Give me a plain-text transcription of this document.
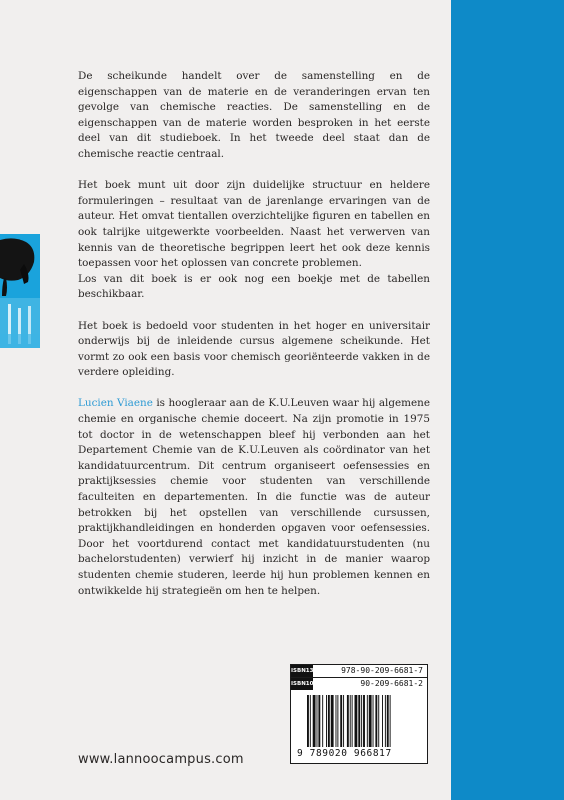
De scheikunde handelt over de samenstelling en de eigenschappen van de materie en de veranderingen ervan ten gevolge van chemische reacties. De samenstelling en de eigenschappen van de materie worden besproken in het eerste deel van dit studieboek. In het tweede deel staat dan de chemische reactie centraal.

Het boek munt uit door zijn duidelijke structuur en heldere formuleringen – resultaat van de jarenlange ervaringen van de auteur. Het omvat tientallen overzichtelijke figuren en tabellen en ook talrijke uitgewerkte voorbeelden. Naast het verwerven van kennis van de theoretische begrippen leert het ook deze kennis toepassen voor het oplossen van concrete problemen.

Los van dit boek is er ook nog een boekje met de tabellen beschikbaar.

Het boek is bedoeld voor studenten in het hoger en universitair onderwijs bij de inleidende cursus algemene scheikunde. Het vormt zo ook een basis voor chemisch georiënteerde vakken in de verdere opleiding.

Lucien Viaene is hoogleraar aan de K.U.Leuven waar hij algemene chemie en organische chemie doceert. Na zijn promotie in 1975 tot doctor in de wetenschappen bleef hij verbonden aan het Departement Chemie van de K.U.Leuven als coördinator van het kandidatuurcentrum. Dit centrum organiseert oefensessies en praktijksessies chemie voor studenten van verschillende faculteiten en departementen. In die functie was de auteur betrokken bij het opstellen van verschillende cursussen, praktijkhandleidingen en honderden opgaven voor oefensessies. Door het voortdurend contact met kandidatuurstudenten (nu bachelorstudenten) verwierf hij inzicht in de manier waarop studenten chemie studeren, leerde hij hun problemen kennen en ontwikkelde hij strategieën om hen te helpen.

ISBN13	978-90-209-6681-7
ISBN10	90-209-6681-2
9 789020 966817
www.lannoocampus.com
